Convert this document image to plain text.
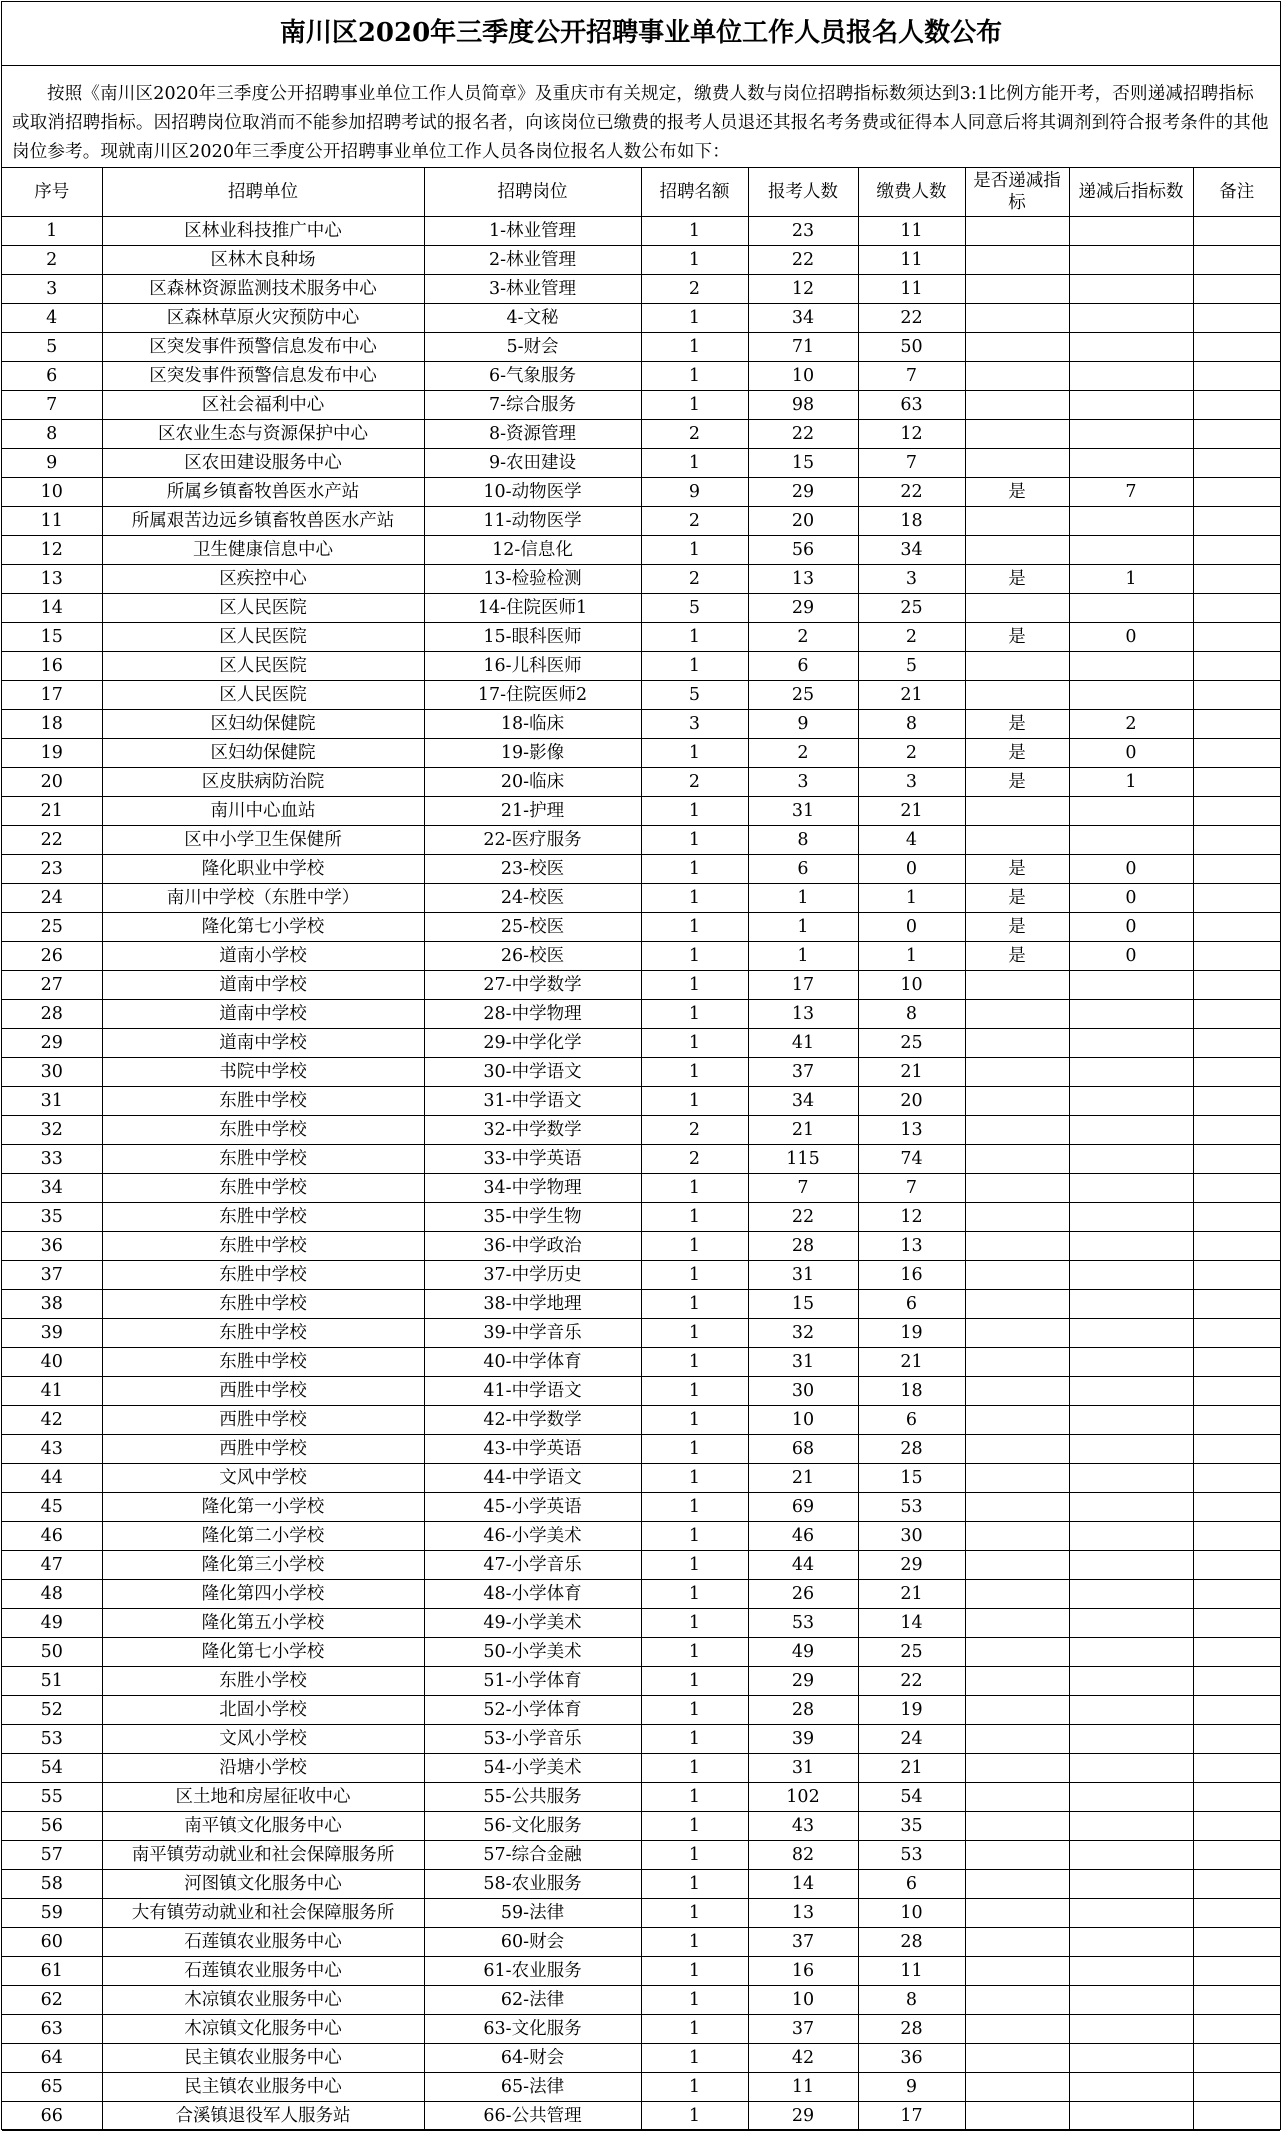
南川区2020年三季度公开招聘事业单位工作人员报名人数公布
按照《南川区2020年三季度公开招聘事业单位工作人员简章》及重庆市有关规定，缴费人数与岗位招聘指标数须达到3:1比例方能开考，否则递减招聘指标或取消招聘指标。因招聘岗位取消而不能参加招聘考试的报名者，向该岗位已缴费的报考人员退还其报名考务费或征得本人同意后将其调剂到符合报考条件的其他岗位参考。现就南川区2020年三季度公开招聘事业单位工作人员各岗位报名人数公布如下：
序号	招聘单位	招聘岗位	招聘名额	报考人数	缴费人数	是否递减指标	递减后指标数	备注
1	区林业科技推广中心	1-林业管理	1	23	11			
2	区林木良种场	2-林业管理	1	22	11			
3	区森林资源监测技术服务中心	3-林业管理	2	12	11			
4	区森林草原火灾预防中心	4-文秘	1	34	22			
5	区突发事件预警信息发布中心	5-财会	1	71	50			
6	区突发事件预警信息发布中心	6-气象服务	1	10	7			
7	区社会福利中心	7-综合服务	1	98	63			
8	区农业生态与资源保护中心	8-资源管理	2	22	12			
9	区农田建设服务中心	9-农田建设	1	15	7			
10	所属乡镇畜牧兽医水产站	10-动物医学	9	29	22	是	7	
11	所属艰苦边远乡镇畜牧兽医水产站	11-动物医学	2	20	18			
12	卫生健康信息中心	12-信息化	1	56	34			
13	区疾控中心	13-检验检测	2	13	3	是	1	
14	区人民医院	14-住院医师1	5	29	25			
15	区人民医院	15-眼科医师	1	2	2	是	0	
16	区人民医院	16-儿科医师	1	6	5			
17	区人民医院	17-住院医师2	5	25	21			
18	区妇幼保健院	18-临床	3	9	8	是	2	
19	区妇幼保健院	19-影像	1	2	2	是	0	
20	区皮肤病防治院	20-临床	2	3	3	是	1	
21	南川中心血站	21-护理	1	31	21			
22	区中小学卫生保健所	22-医疗服务	1	8	4			
23	隆化职业中学校	23-校医	1	6	0	是	0	
24	南川中学校（东胜中学）	24-校医	1	1	1	是	0	
25	隆化第七小学校	25-校医	1	1	0	是	0	
26	道南小学校	26-校医	1	1	1	是	0	
27	道南中学校	27-中学数学	1	17	10			
28	道南中学校	28-中学物理	1	13	8			
29	道南中学校	29-中学化学	1	41	25			
30	书院中学校	30-中学语文	1	37	21			
31	东胜中学校	31-中学语文	1	34	20			
32	东胜中学校	32-中学数学	2	21	13			
33	东胜中学校	33-中学英语	2	115	74			
34	东胜中学校	34-中学物理	1	7	7			
35	东胜中学校	35-中学生物	1	22	12			
36	东胜中学校	36-中学政治	1	28	13			
37	东胜中学校	37-中学历史	1	31	16			
38	东胜中学校	38-中学地理	1	15	6			
39	东胜中学校	39-中学音乐	1	32	19			
40	东胜中学校	40-中学体育	1	31	21			
41	西胜中学校	41-中学语文	1	30	18			
42	西胜中学校	42-中学数学	1	10	6			
43	西胜中学校	43-中学英语	1	68	28			
44	文风中学校	44-中学语文	1	21	15			
45	隆化第一小学校	45-小学英语	1	69	53			
46	隆化第二小学校	46-小学美术	1	46	30			
47	隆化第三小学校	47-小学音乐	1	44	29			
48	隆化第四小学校	48-小学体育	1	26	21			
49	隆化第五小学校	49-小学美术	1	53	14			
50	隆化第七小学校	50-小学美术	1	49	25			
51	东胜小学校	51-小学体育	1	29	22			
52	北固小学校	52-小学体育	1	28	19			
53	文风小学校	53-小学音乐	1	39	24			
54	沿塘小学校	54-小学美术	1	31	21			
55	区土地和房屋征收中心	55-公共服务	1	102	54			
56	南平镇文化服务中心	56-文化服务	1	43	35			
57	南平镇劳动就业和社会保障服务所	57-综合金融	1	82	53			
58	河图镇文化服务中心	58-农业服务	1	14	6			
59	大有镇劳动就业和社会保障服务所	59-法律	1	13	10			
60	石莲镇农业服务中心	60-财会	1	37	28			
61	石莲镇农业服务中心	61-农业服务	1	16	11			
62	木凉镇农业服务中心	62-法律	1	10	8			
63	木凉镇文化服务中心	63-文化服务	1	37	28			
64	民主镇农业服务中心	64-财会	1	42	36			
65	民主镇农业服务中心	65-法律	1	11	9			
66	合溪镇退役军人服务站	66-公共管理	1	29	17			
